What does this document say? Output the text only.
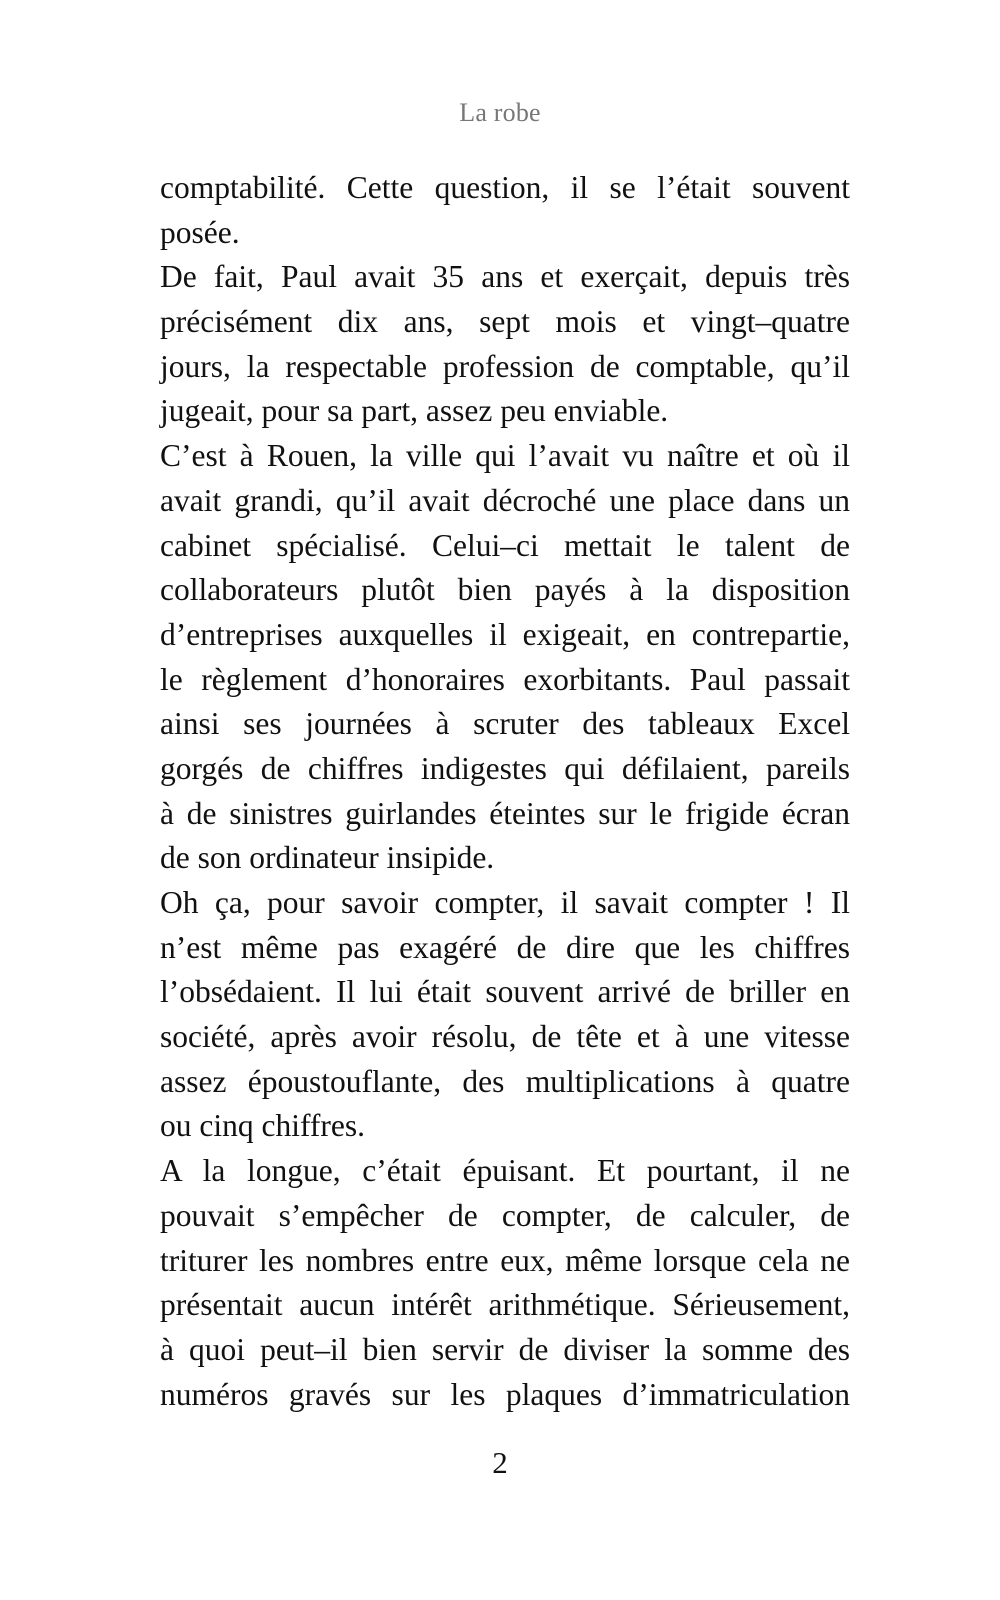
La robe
comptabilité. Cette question, il se l’était souvent
posée.
De fait, Paul avait 35 ans et exerçait, depuis très
précisément dix ans, sept mois et vingt–quatre
jours, la respectable profession de comptable, qu’il
jugeait, pour sa part, assez peu enviable.
C’est à Rouen, la ville qui l’avait vu naître et où il
avait grandi, qu’il avait décroché une place dans un
cabinet spécialisé. Celui–ci mettait le talent de
collaborateurs plutôt bien payés à la disposition
d’entreprises auxquelles il exigeait, en contrepartie,
le règlement d’honoraires exorbitants. Paul passait
ainsi ses journées à scruter des tableaux Excel
gorgés de chiffres indigestes qui défilaient, pareils
à de sinistres guirlandes éteintes sur le frigide écran
de son ordinateur insipide.
Oh ça, pour savoir compter, il savait compter ! Il
n’est même pas exagéré de dire que les chiffres
l’obsédaient. Il lui était souvent arrivé de briller en
société, après avoir résolu, de tête et à une vitesse
assez époustouflante, des multiplications à quatre
ou cinq chiffres.
A la longue, c’était épuisant. Et pourtant, il ne
pouvait s’empêcher de compter, de calculer, de
triturer les nombres entre eux, même lorsque cela ne
présentait aucun intérêt arithmétique. Sérieusement,
à quoi peut–il bien servir de diviser la somme des
numéros gravés sur les plaques d’immatriculation
2
